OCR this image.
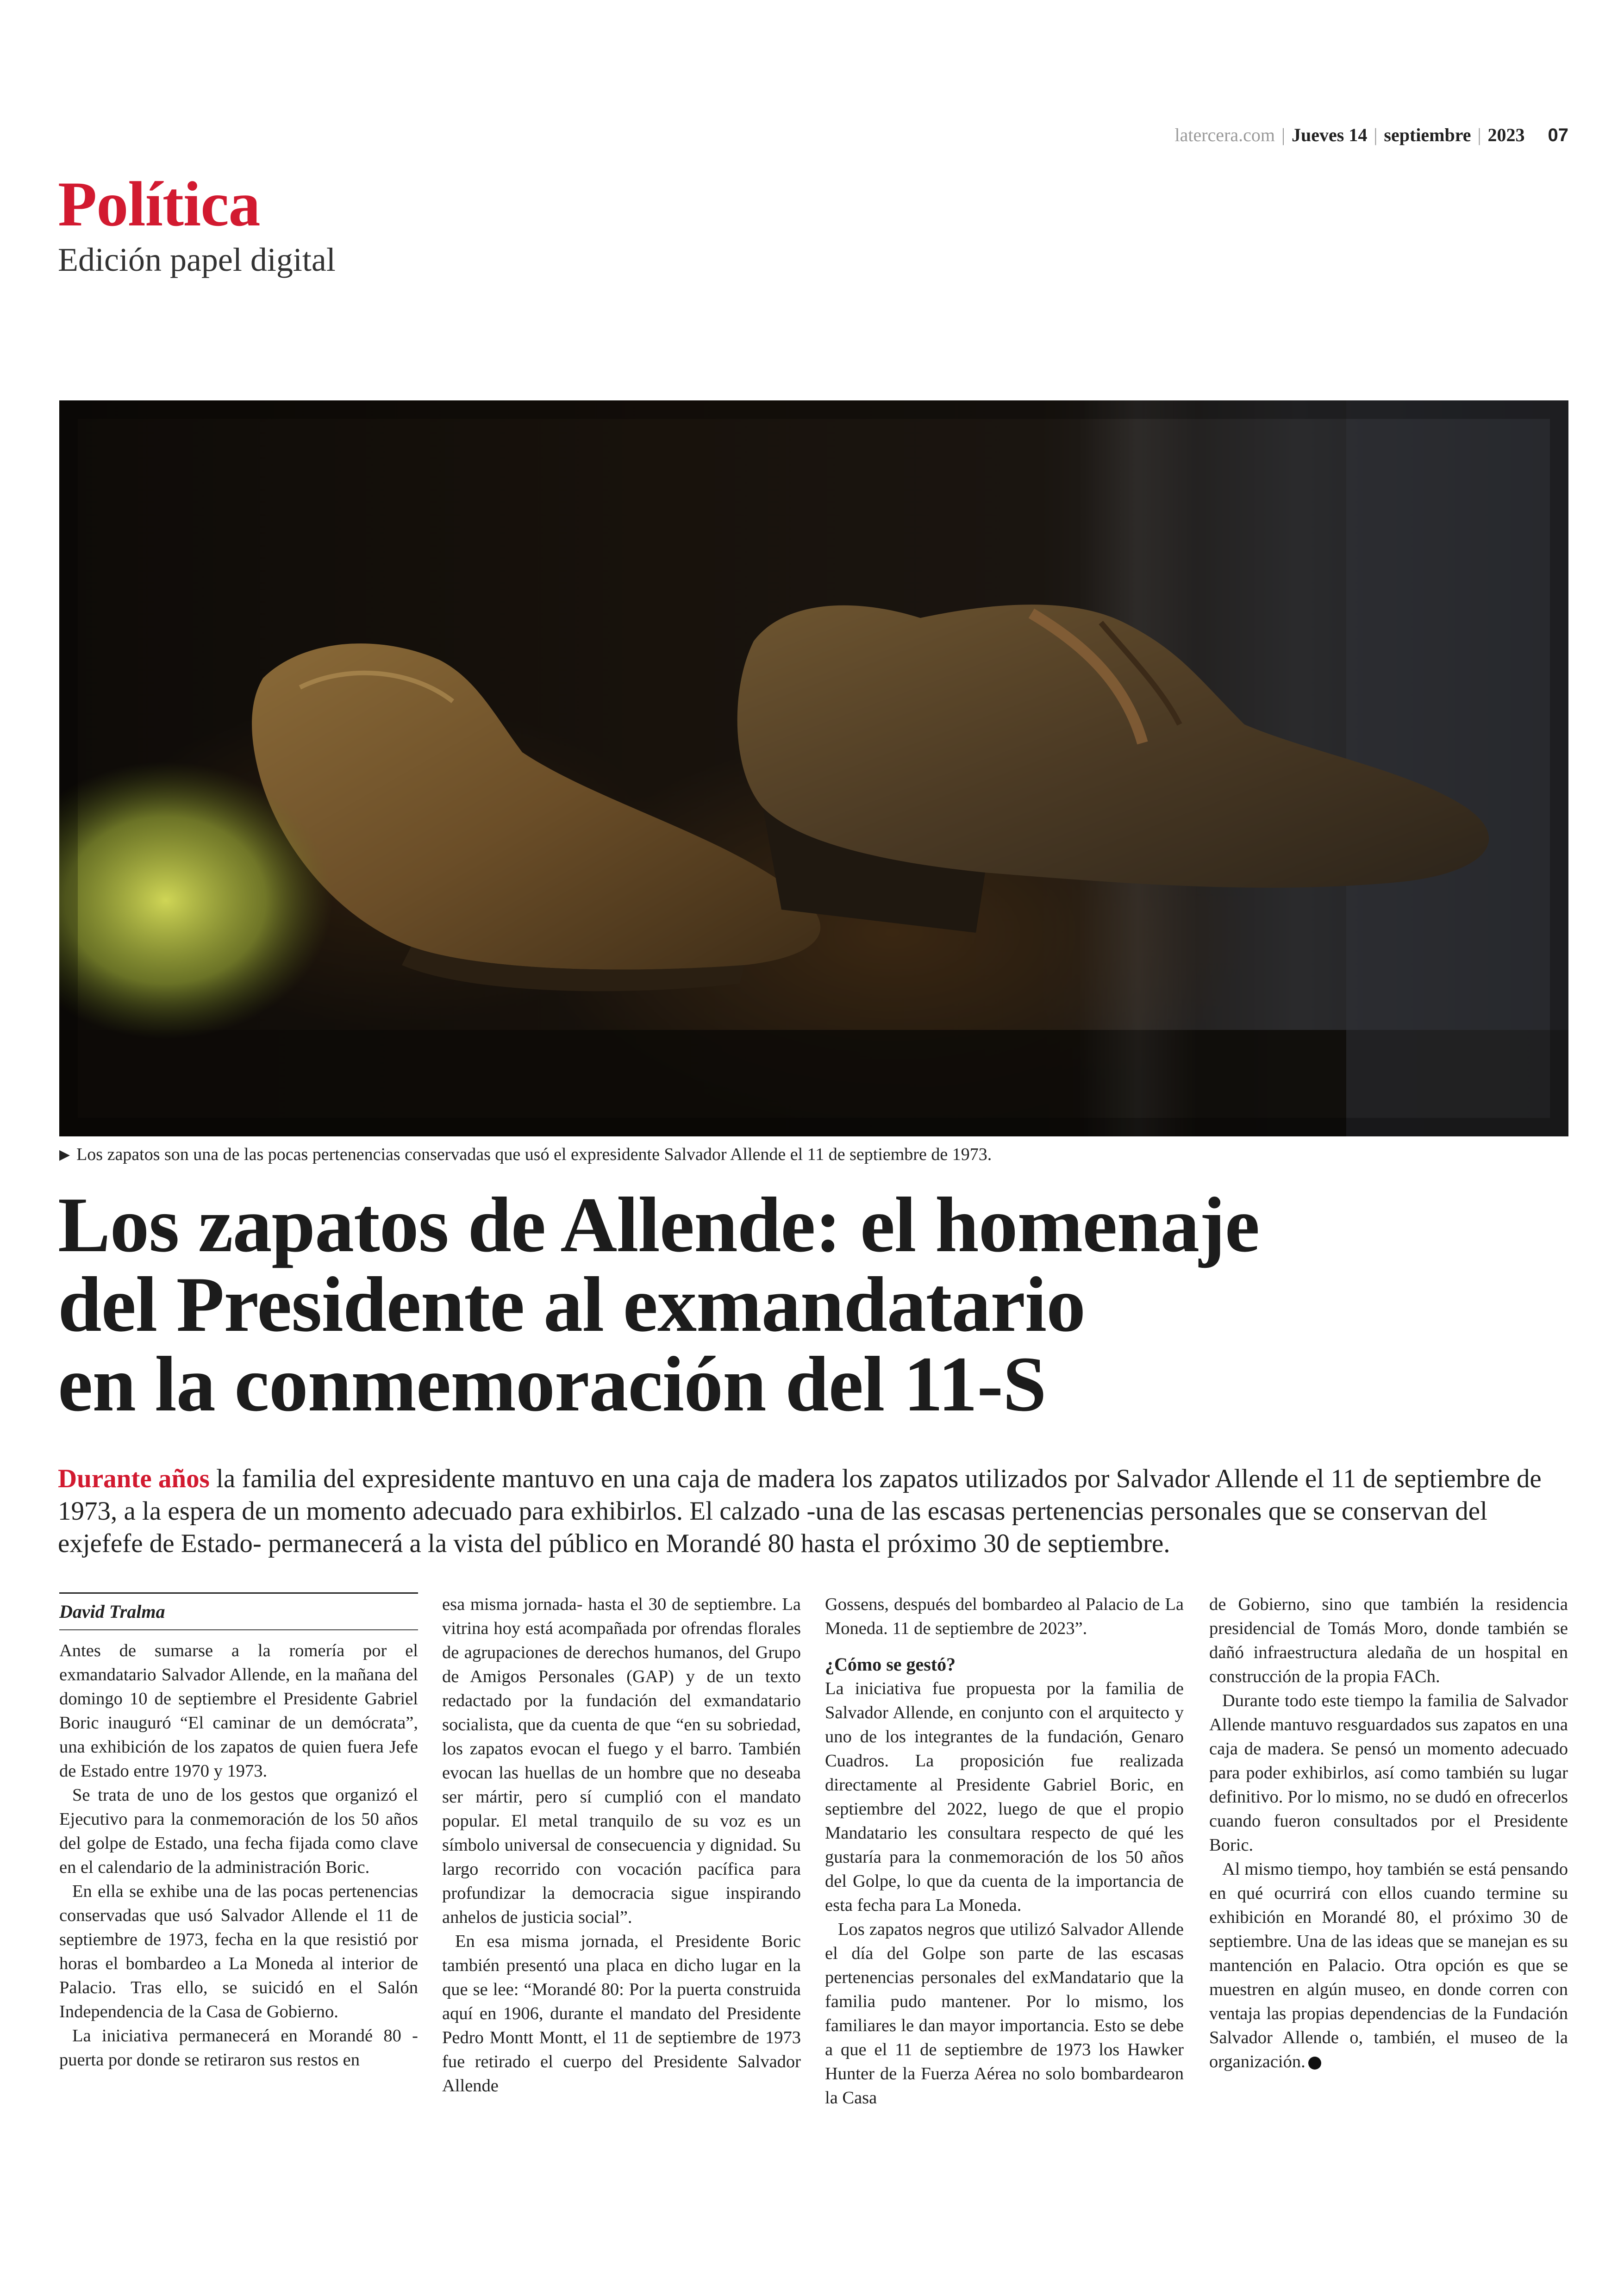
latercera.com | Jueves 14 | septiembre | 2023 07
Política
Edición papel digital
▶ Los zapatos son una de las pocas pertenencias conservadas que usó el expresidente Salvador Allende el 11 de septiembre de 1973.
Los zapatos de Allende: el homenaje
del Presidente al exmandatario
en la conmemoración del 11-S
Durante años la familia del expresidente mantuvo en una caja de madera los zapatos utilizados por Salvador Allende el 11 de septiembre de 1973, a la espera de un momento adecuado para exhibirlos. El calzado -una de las escasas pertenencias personales que se conservan del exjefefe de Estado- permanecerá a la vista del público en Morandé 80 hasta el próximo 30 de septiembre.
David Tralma

Antes de sumarse a la romería por el exmandatario Salvador Allende, en la mañana del domingo 10 de septiembre el Presidente Gabriel Boric inauguró “El caminar de un demócrata”, una exhibición de los zapatos de quien fuera Jefe de Estado entre 1970 y 1973.

Se trata de uno de los gestos que organizó el Ejecutivo para la conmemoración de los 50 años del golpe de Estado, una fecha fijada como clave en el calendario de la administración Boric.

En ella se exhibe una de las pocas pertenencias conservadas que usó Salvador Allende el 11 de septiembre de 1973, fecha en la que resistió por horas el bombardeo a La Moneda al interior de Palacio. Tras ello, se suicidó en el Salón Independencia de la Casa de Gobierno.

La iniciativa permanecerá en Morandé 80 -puerta por donde se retiraron sus restos en

esa misma jornada- hasta el 30 de septiembre. La vitrina hoy está acompañada por ofrendas florales de agrupaciones de derechos humanos, del Grupo de Amigos Personales (GAP) y de un texto redactado por la fundación del exmandatario socialista, que da cuenta de que “en su sobriedad, los zapatos evocan el fuego y el barro. También evocan las huellas de un hombre que no deseaba ser mártir, pero sí cumplió con el mandato popular. El metal tranquilo de su voz es un símbolo universal de consecuencia y dignidad. Su largo recorrido con vocación pacífica para profundizar la democracia sigue inspirando anhelos de justicia social”.

En esa misma jornada, el Presidente Boric también presentó una placa en dicho lugar en la que se lee: “Morandé 80: Por la puerta construida aquí en 1906, durante el mandato del Presidente Pedro Montt Montt, el 11 de septiembre de 1973 fue retirado el cuerpo del Presidente Salvador Allende

Gossens, después del bombardeo al Palacio de La Moneda. 11 de septiembre de 2023”.

¿Cómo se gestó?

La iniciativa fue propuesta por la familia de Salvador Allende, en conjunto con el arquitecto y uno de los integrantes de la fundación, Genaro Cuadros. La proposición fue realizada directamente al Presidente Gabriel Boric, en septiembre del 2022, luego de que el propio Mandatario les consultara respecto de qué les gustaría para la conmemoración de los 50 años del Golpe, lo que da cuenta de la importancia de esta fecha para La Moneda.

Los zapatos negros que utilizó Salvador Allende el día del Golpe son parte de las escasas pertenencias personales del exMandatario que la familia pudo mantener. Por lo mismo, los familiares le dan mayor importancia. Esto se debe a que el 11 de septiembre de 1973 los Hawker Hunter de la Fuerza Aérea no solo bombardearon la Casa

de Gobierno, sino que también la residencia presidencial de Tomás Moro, donde también se dañó infraestructura aledaña de un hospital en construcción de la propia FACh.

Durante todo este tiempo la familia de Salvador Allende mantuvo resguardados sus zapatos en una caja de madera. Se pensó un momento adecuado para poder exhibirlos, así como también su lugar definitivo. Por lo mismo, no se dudó en ofrecerlos cuando fueron consultados por el Presidente Boric.

Al mismo tiempo, hoy también se está pensando en qué ocurrirá con ellos cuando termine su exhibición en Morandé 80, el próximo 30 de septiembre. Una de las ideas que se manejan es su mantención en Palacio. Otra opción es que se muestren en algún museo, en donde corren con ventaja las propias dependencias de la Fundación Salvador Allende o, también, el museo de la organización.
